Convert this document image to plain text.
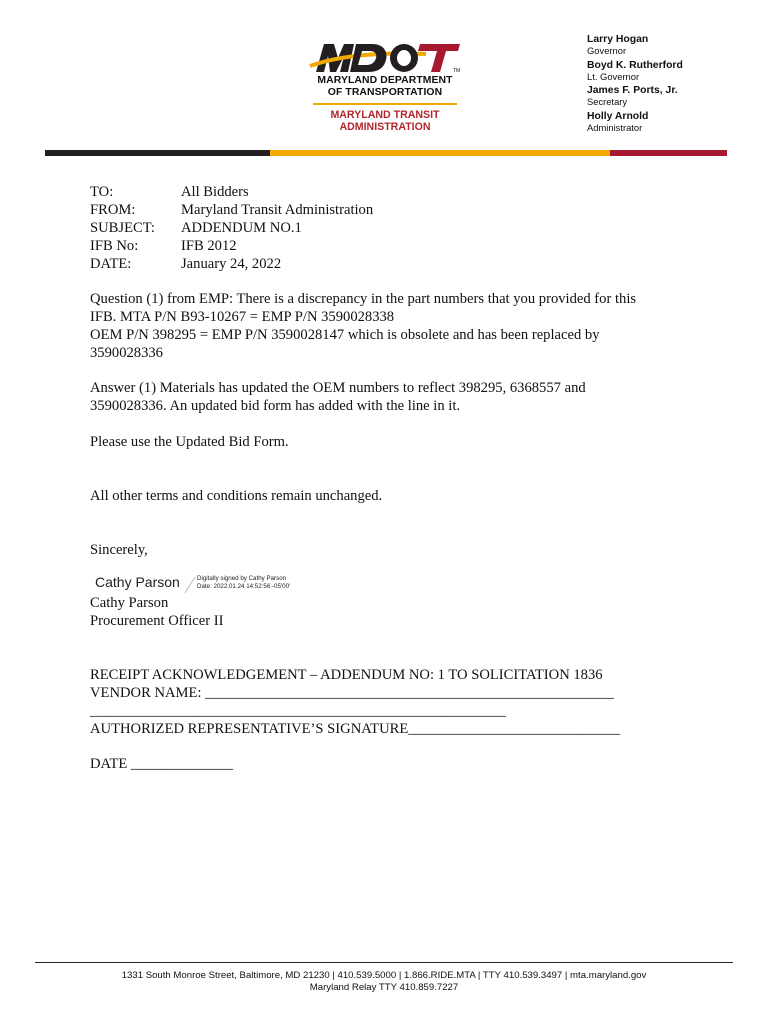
TM
MARYLAND DEPARTMENT
OF TRANSPORTATION
MARYLAND TRANSIT
ADMINISTRATION
Larry Hogan
Governor
Boyd K. Rutherford
Lt. Governor
James F. Ports, Jr.
Secretary
Holly Arnold
Administrator
TO:	All Bidders
FROM:	Maryland Transit Administration
SUBJECT: ADDENDUM NO.1
IFB No:	IFB 2012
DATE:	January 24, 2022
Question (1) from EMP: There is a discrepancy in the part numbers that you provided for this
IFB. MTA P/N B93-10267 = EMP P/N 3590028338
OEM P/N 398295 = EMP P/N 3590028147 which is obsolete and has been replaced by
3590028336
Answer (1) Materials has updated the OEM numbers to reflect 398295, 6368557 and
3590028336. An updated bid form has added with the line in it.
Please use the Updated Bid Form.
All other terms and conditions remain unchanged.
Sincerely,
Cathy Parson	Digitally signed by Cathy Parson
Date: 2022.01.24 14:52:56 -05'00'
Cathy Parson
Procurement Officer II
RECEIPT ACKNOWLEDGEMENT – ADDENDUM NO: 1 TO SOLICITATION 1836
VENDOR NAME: ________________________________________________________
_________________________________________________________
AUTHORIZED REPRESENTATIVE’S SIGNATURE_____________________________
DATE ______________
1331 South Monroe Street, Baltimore, MD 21230 | 410.539.5000 | 1.866.RIDE.MTA | TTY 410.539.3497 | mta.maryland.gov
Maryland Relay TTY 410.859.7227
